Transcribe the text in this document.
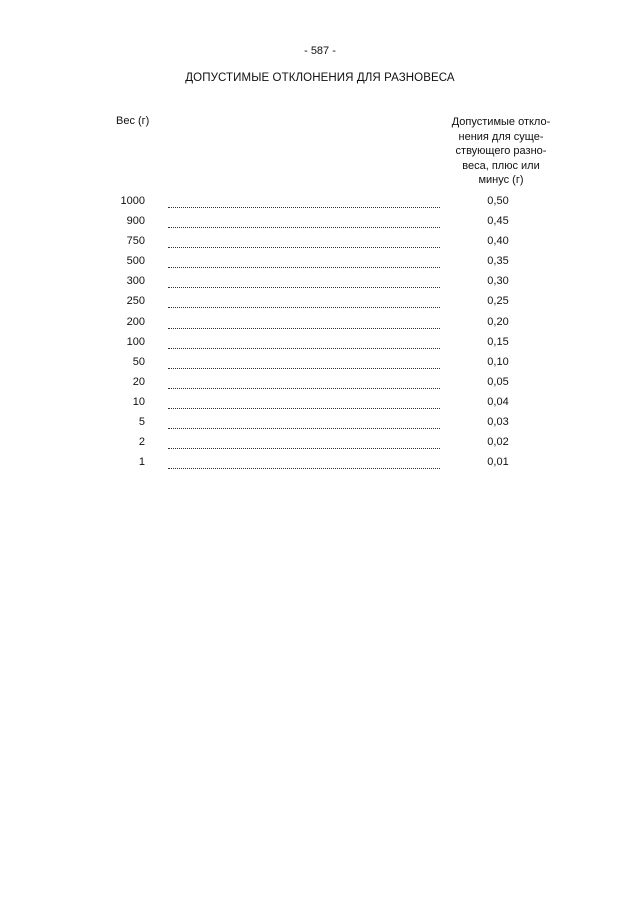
- 587 -
ДОПУСТИМЫЕ ОТКЛОНЕНИЯ ДЛЯ РАЗНОВЕСА
Вес (г)	Допустимые откло-
нения для суще-
ствующего разно-
веса, плюс или
минус (г)
1000	0,50
900	0,45
750	0,40
500	0,35
300	0,30
250	0,25
200	0,20
100	0,15
50	0,10
20	0,05
10	0,04
5	0,03
2	0,02
1	0,01
